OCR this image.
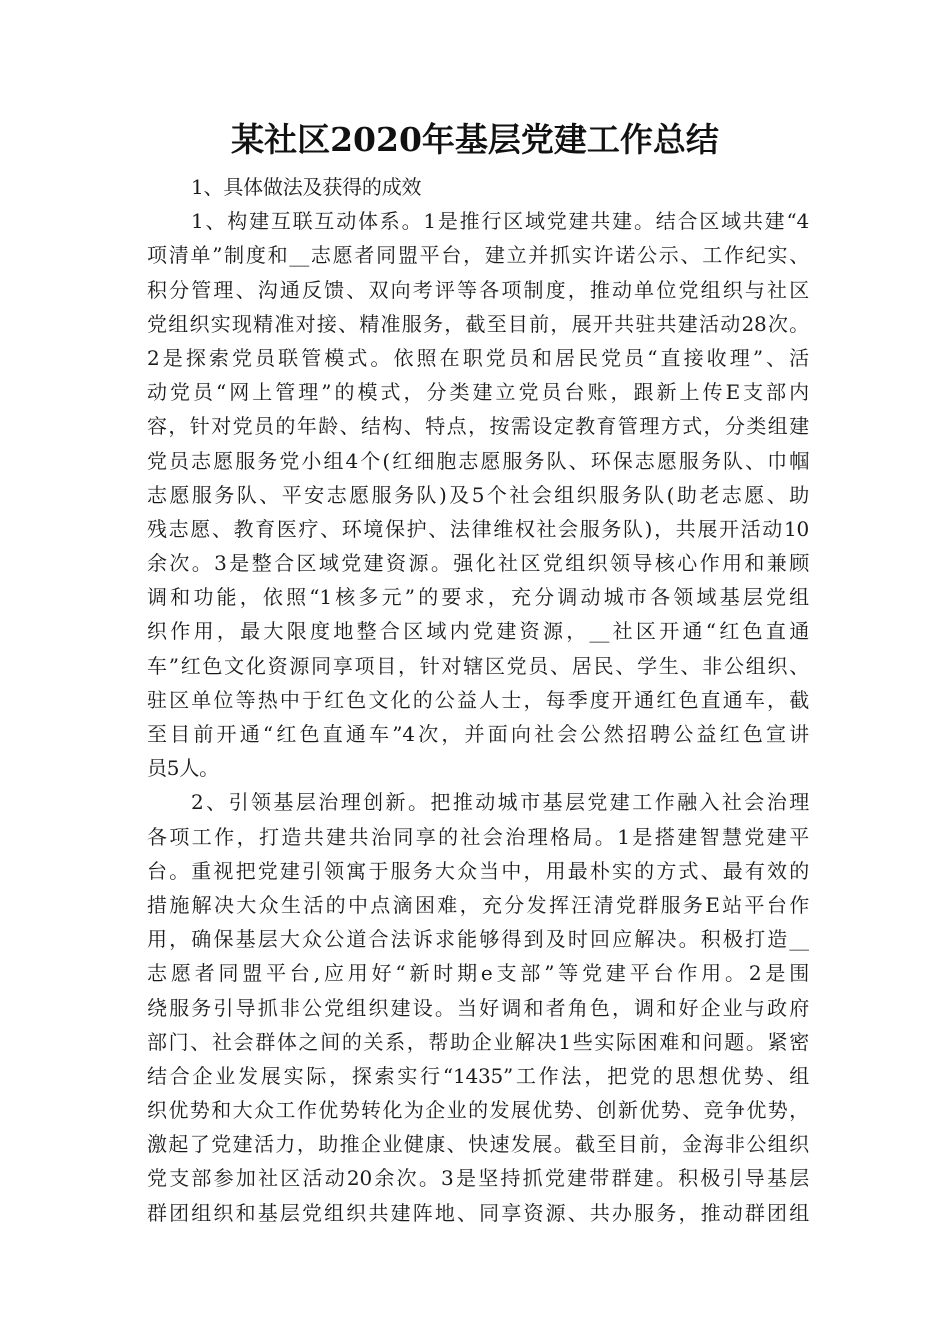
某社区2020年基层党建工作总结
1、具体做法及获得的成效
1、构建互联互动体系。1是推行区域党建共建。结合区域共建“4
项清单”制度和__志愿者同盟平台，建立并抓实许诺公示、工作纪实、
积分管理、沟通反馈、双向考评等各项制度，推动单位党组织与社区
党组织实现精准对接、精准服务，截至目前，展开共驻共建活动28次。
2是探索党员联管模式。依照在职党员和居民党员“直接收理”、活
动党员“网上管理”的模式，分类建立党员台账，跟新上传E支部内
容，针对党员的年龄、结构、特点，按需设定教育管理方式，分类组建
党员志愿服务党小组4个(红细胞志愿服务队、环保志愿服务队、巾帼
志愿服务队、平安志愿服务队)及5个社会组织服务队(助老志愿、助
残志愿、教育医疗、环境保护、法律维权社会服务队)，共展开活动10
余次。3是整合区域党建资源。强化社区党组织领导核心作用和兼顾
调和功能，依照“1核多元”的要求，充分调动城市各领域基层党组
织作用，最大限度地整合区域内党建资源，__社区开通“红色直通
车”红色文化资源同享项目，针对辖区党员、居民、学生、非公组织、
驻区单位等热中于红色文化的公益人士，每季度开通红色直通车，截
至目前开通“红色直通车”4次，并面向社会公然招聘公益红色宣讲
员5人。
2、引领基层治理创新。把推动城市基层党建工作融入社会治理
各项工作，打造共建共治同享的社会治理格局。1是搭建智慧党建平
台。重视把党建引领寓于服务大众当中，用最朴实的方式、最有效的
措施解决大众生活的中点滴困难，充分发挥汪清党群服务E站平台作
用，确保基层大众公道合法诉求能够得到及时回应解决。积极打造__
志愿者同盟平台,应用好“新时期e支部”等党建平台作用。2是围
绕服务引导抓非公党组织建设。当好调和者角色，调和好企业与政府
部门、社会群体之间的关系，帮助企业解决1些实际困难和问题。紧密
结合企业发展实际，探索实行“1435”工作法，把党的思想优势、组
织优势和大众工作优势转化为企业的发展优势、创新优势、竞争优势，
激起了党建活力，助推企业健康、快速发展。截至目前，金海非公组织
党支部参加社区活动20余次。3是坚持抓党建带群建。积极引导基层
群团组织和基层党组织共建阵地、同享资源、共办服务，推动群团组
